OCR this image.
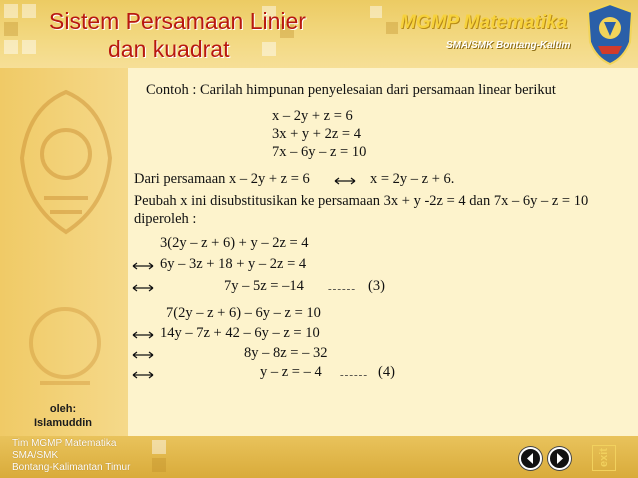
Sistem Persamaan Linier
dan kuadrat
MGMP Matematika
SMA/SMK Bontang-Kaltim
oleh:
Islamuddin
Contoh : Carilah himpunan penyelesaian dari persamaan linear berikut
x – 2y + z = 6
3x + y + 2z = 4
7x – 6y – z = 10
Dari persamaan x – 2y + z = 6	x = 2y – z + 6.
Peubah x ini disubstitusikan ke persamaan 3x + y -2z = 4 dan 7x – 6y – z = 10 diperoleh :
3(2y – z + 6) + y – 2z = 4
6y – 3z + 18 + y – 2z = 4
7y – 5z = –14 ------ (3)
7(2y – z + 6) – 6y – z = 10
14y – 7z + 42 – 6y – z = 10
8y – 8z = – 32
y – z = – 4 ------ (4)
Tim MGMP Matematika
SMA/SMK
Bontang-Kalimantan Timur
exit
